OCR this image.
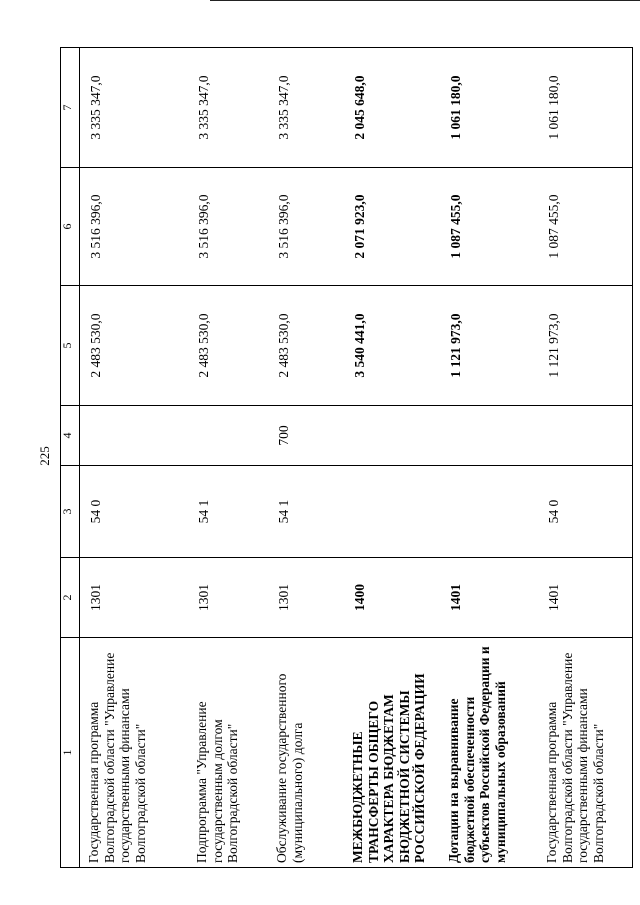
225
1	2	3	4	5	6	7
Государственная программа Волгоградской области "Управление государственными финансами Волгоградской области"	1301	54 0		2 483 530,0	3 516 396,0	3 335 347,0
Подпрограмма "Управление государственным долгом Волгоградской области"	1301	54 1		2 483 530,0	3 516 396,0	3 335 347,0
Обслуживание государственного (муниципального) долга	1301	54 1	700	2 483 530,0	3 516 396,0	3 335 347,0
МЕЖБЮДЖЕТНЫЕ ТРАНСФЕРТЫ ОБЩЕГО ХАРАКТЕРА БЮДЖЕТАМ БЮДЖЕТНОЙ СИСТЕМЫ РОССИЙСКОЙ ФЕДЕРАЦИИ	1400			3 540 441,0	2 071 923,0	2 045 648,0
Дотации на выравнивание бюджетной обеспеченности субъектов Российской Федерации и муниципальных образований	1401			1 121 973,0	1 087 455,0	1 061 180,0
Государственная программа Волгоградской области "Управление государственными финансами Волгоградской области"	1401	54 0		1 121 973,0	1 087 455,0	1 061 180,0
